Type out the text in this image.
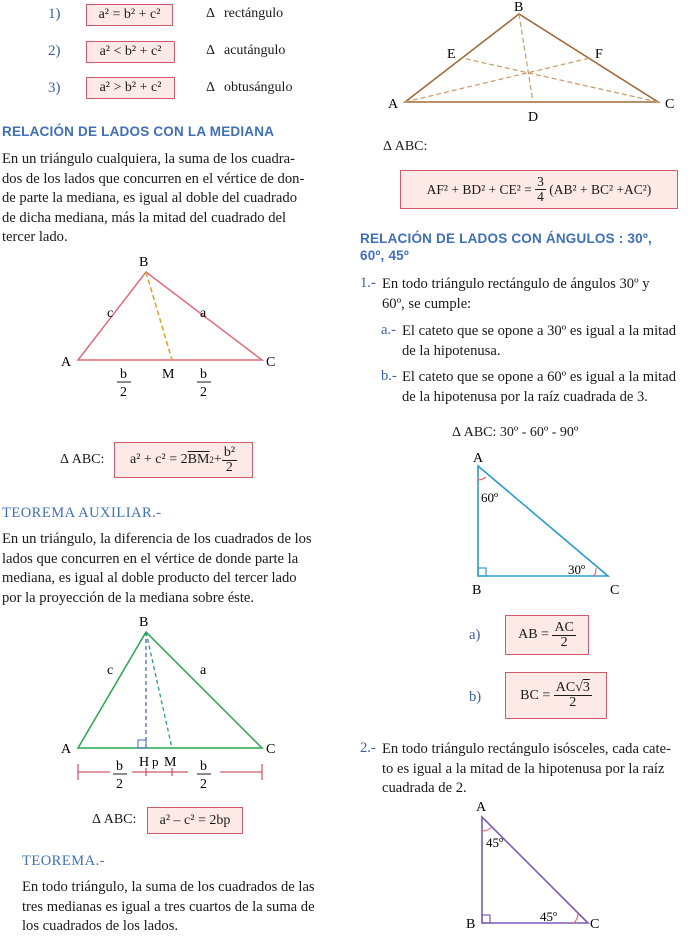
1)	a² = b² + c²	Δ rectángulo
2)	a² < b² + c²	Δ acutángulo
3)	a² > b² + c²	Δ obtusángulo
RELACIÓN DE LADOS CON LA MEDIANA
En un triángulo cualquiera, la suma de los cuadra-
dos de los lados que concurren en el vértice de don-
de parte la mediana, es igual al doble del cuadrado
de dicha mediana, más la mitad del cuadrado del
tercer lado.
B
A	C
M
c	a
b
2
b
2
Δ ABC: a² + c² = 2 $\overline{BM}$ $2 + \frac{\text{b²}}{2}$
TEOREMA AUXILIAR.-
En un triángulo, la diferencia de los cuadrados de los
lados que concurren en el vértice de donde parte la
mediana, es igual al doble producto del tercer lado
por la proyección de la mediana sobre éste.
B
A	C
c	a
H p M
b
2
b
2
Δ ABC:	a² – c² = 2bp
TEOREMA.-
En todo triángulo, la suma de los cuadrados de las
tres medianas es igual a tres cuartos de la suma de
los cuadrados de los lados.
B
A	C
D
E	F
Δ ABC:
AF² + BD² + CE² =
$\frac{3}{4}$
(AB² + BC² +AC²)
RELACIÓN DE LADOS CON ÁNGULOS : 30º,
60º, 45º
1.- En todo triángulo rectángulo de ángulos 30º y
60º, se cumple:
a.- El cateto que se opone a 30º es igual a la mitad
de la hipotenusa.
b.- El cateto que se opone a 60º es igual a la mitad
de la hipotenusa por la raíz cuadrada de 3.
Δ ABC: 30º - 60º - 90º
A
B	C
60º
30º
a)	AB =
$\frac{AC}{2}$
b)	BC =
$\frac{AC√3}{2}$
2.- En todo triángulo rectángulo isósceles, cada cate-
to es igual a la mitad de la hipotenusa por la raíz
cuadrada de 2.
A
B	C
45º
45º
